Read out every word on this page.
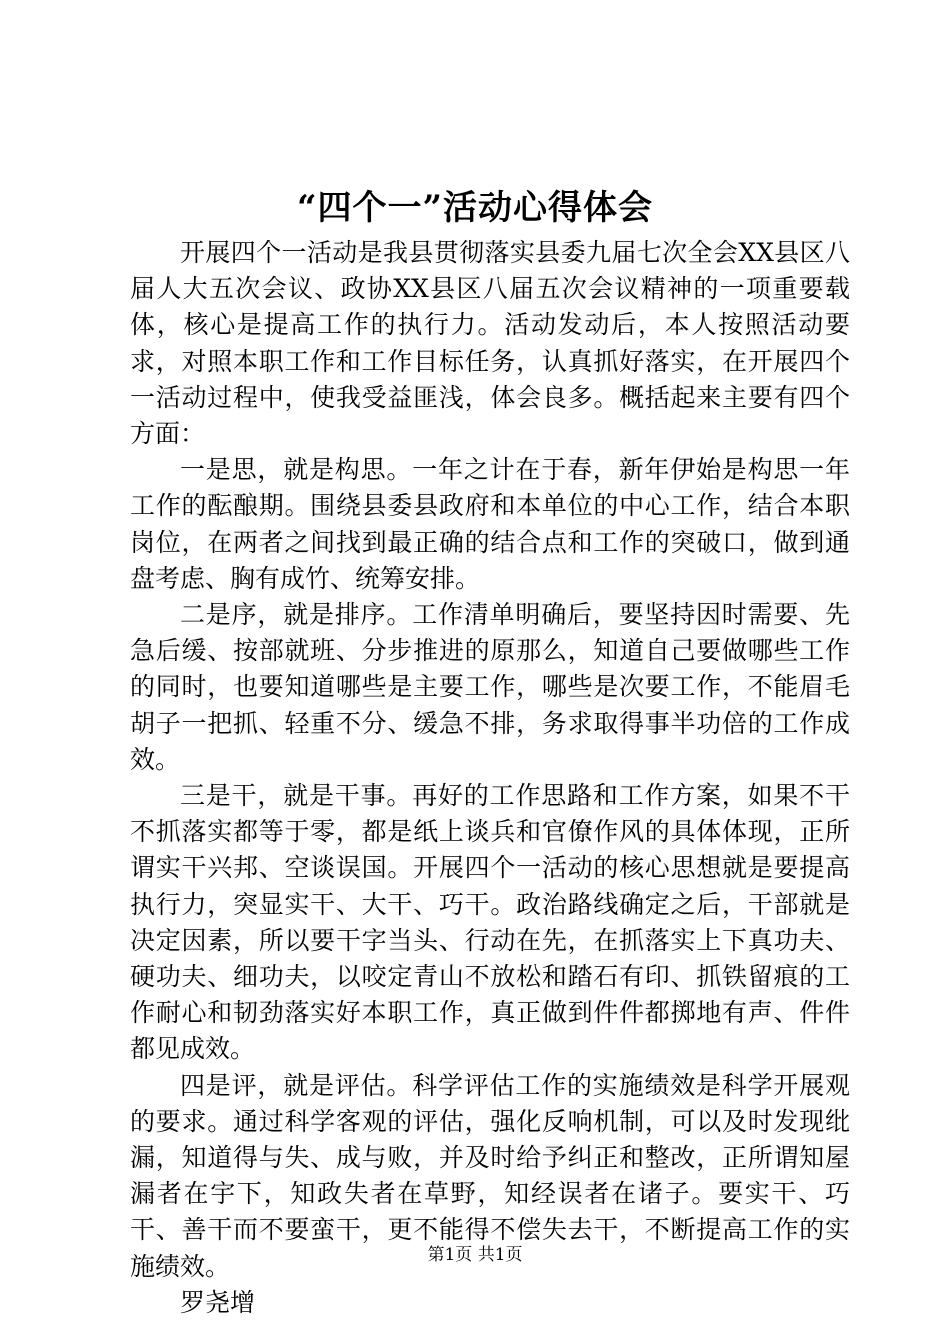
“四个一”活动心得体会

开展四个一活动是我县贯彻落实县委九届七次全会XX县区八届人大五次会议、政协XX县区八届五次会议精神的一项重要载体，核心是提高工作的执行力。活动发动后，本人按照活动要求，对照本职工作和工作目标任务，认真抓好落实，在开展四个一活动过程中，使我受益匪浅，体会良多。概括起来主要有四个方面：

一是思，就是构思。一年之计在于春，新年伊始是构思一年工作的酝酿期。围绕县委县政府和本单位的中心工作，结合本职岗位，在两者之间找到最正确的结合点和工作的突破口，做到通盘考虑、胸有成竹、统筹安排。

二是序，就是排序。工作清单明确后，要坚持因时需要、先急后缓、按部就班、分步推进的原那么，知道自己要做哪些工作的同时，也要知道哪些是主要工作，哪些是次要工作，不能眉毛胡子一把抓、轻重不分、缓急不排，务求取得事半功倍的工作成效。

三是干，就是干事。再好的工作思路和工作方案，如果不干不抓落实都等于零，都是纸上谈兵和官僚作风的具体体现，正所谓实干兴邦、空谈误国。开展四个一活动的核心思想就是要提高执行力，突显实干、大干、巧干。政治路线确定之后，干部就是决定因素，所以要干字当头、行动在先，在抓落实上下真功夫、硬功夫、细功夫，以咬定青山不放松和踏石有印、抓铁留痕的工作耐心和韧劲落实好本职工作，真正做到件件都掷地有声、件件都见成效。

四是评，就是评估。科学评估工作的实施绩效是科学开展观的要求。通过科学客观的评估，强化反响机制，可以及时发现纰漏，知道得与失、成与败，并及时给予纠正和整改，正所谓知屋漏者在宇下，知政失者在草野，知经误者在诸子。要实干、巧干、善干而不要蛮干，更不能得不偿失去干，不断提高工作的实施绩效。

罗尧增

第1页 共1页
